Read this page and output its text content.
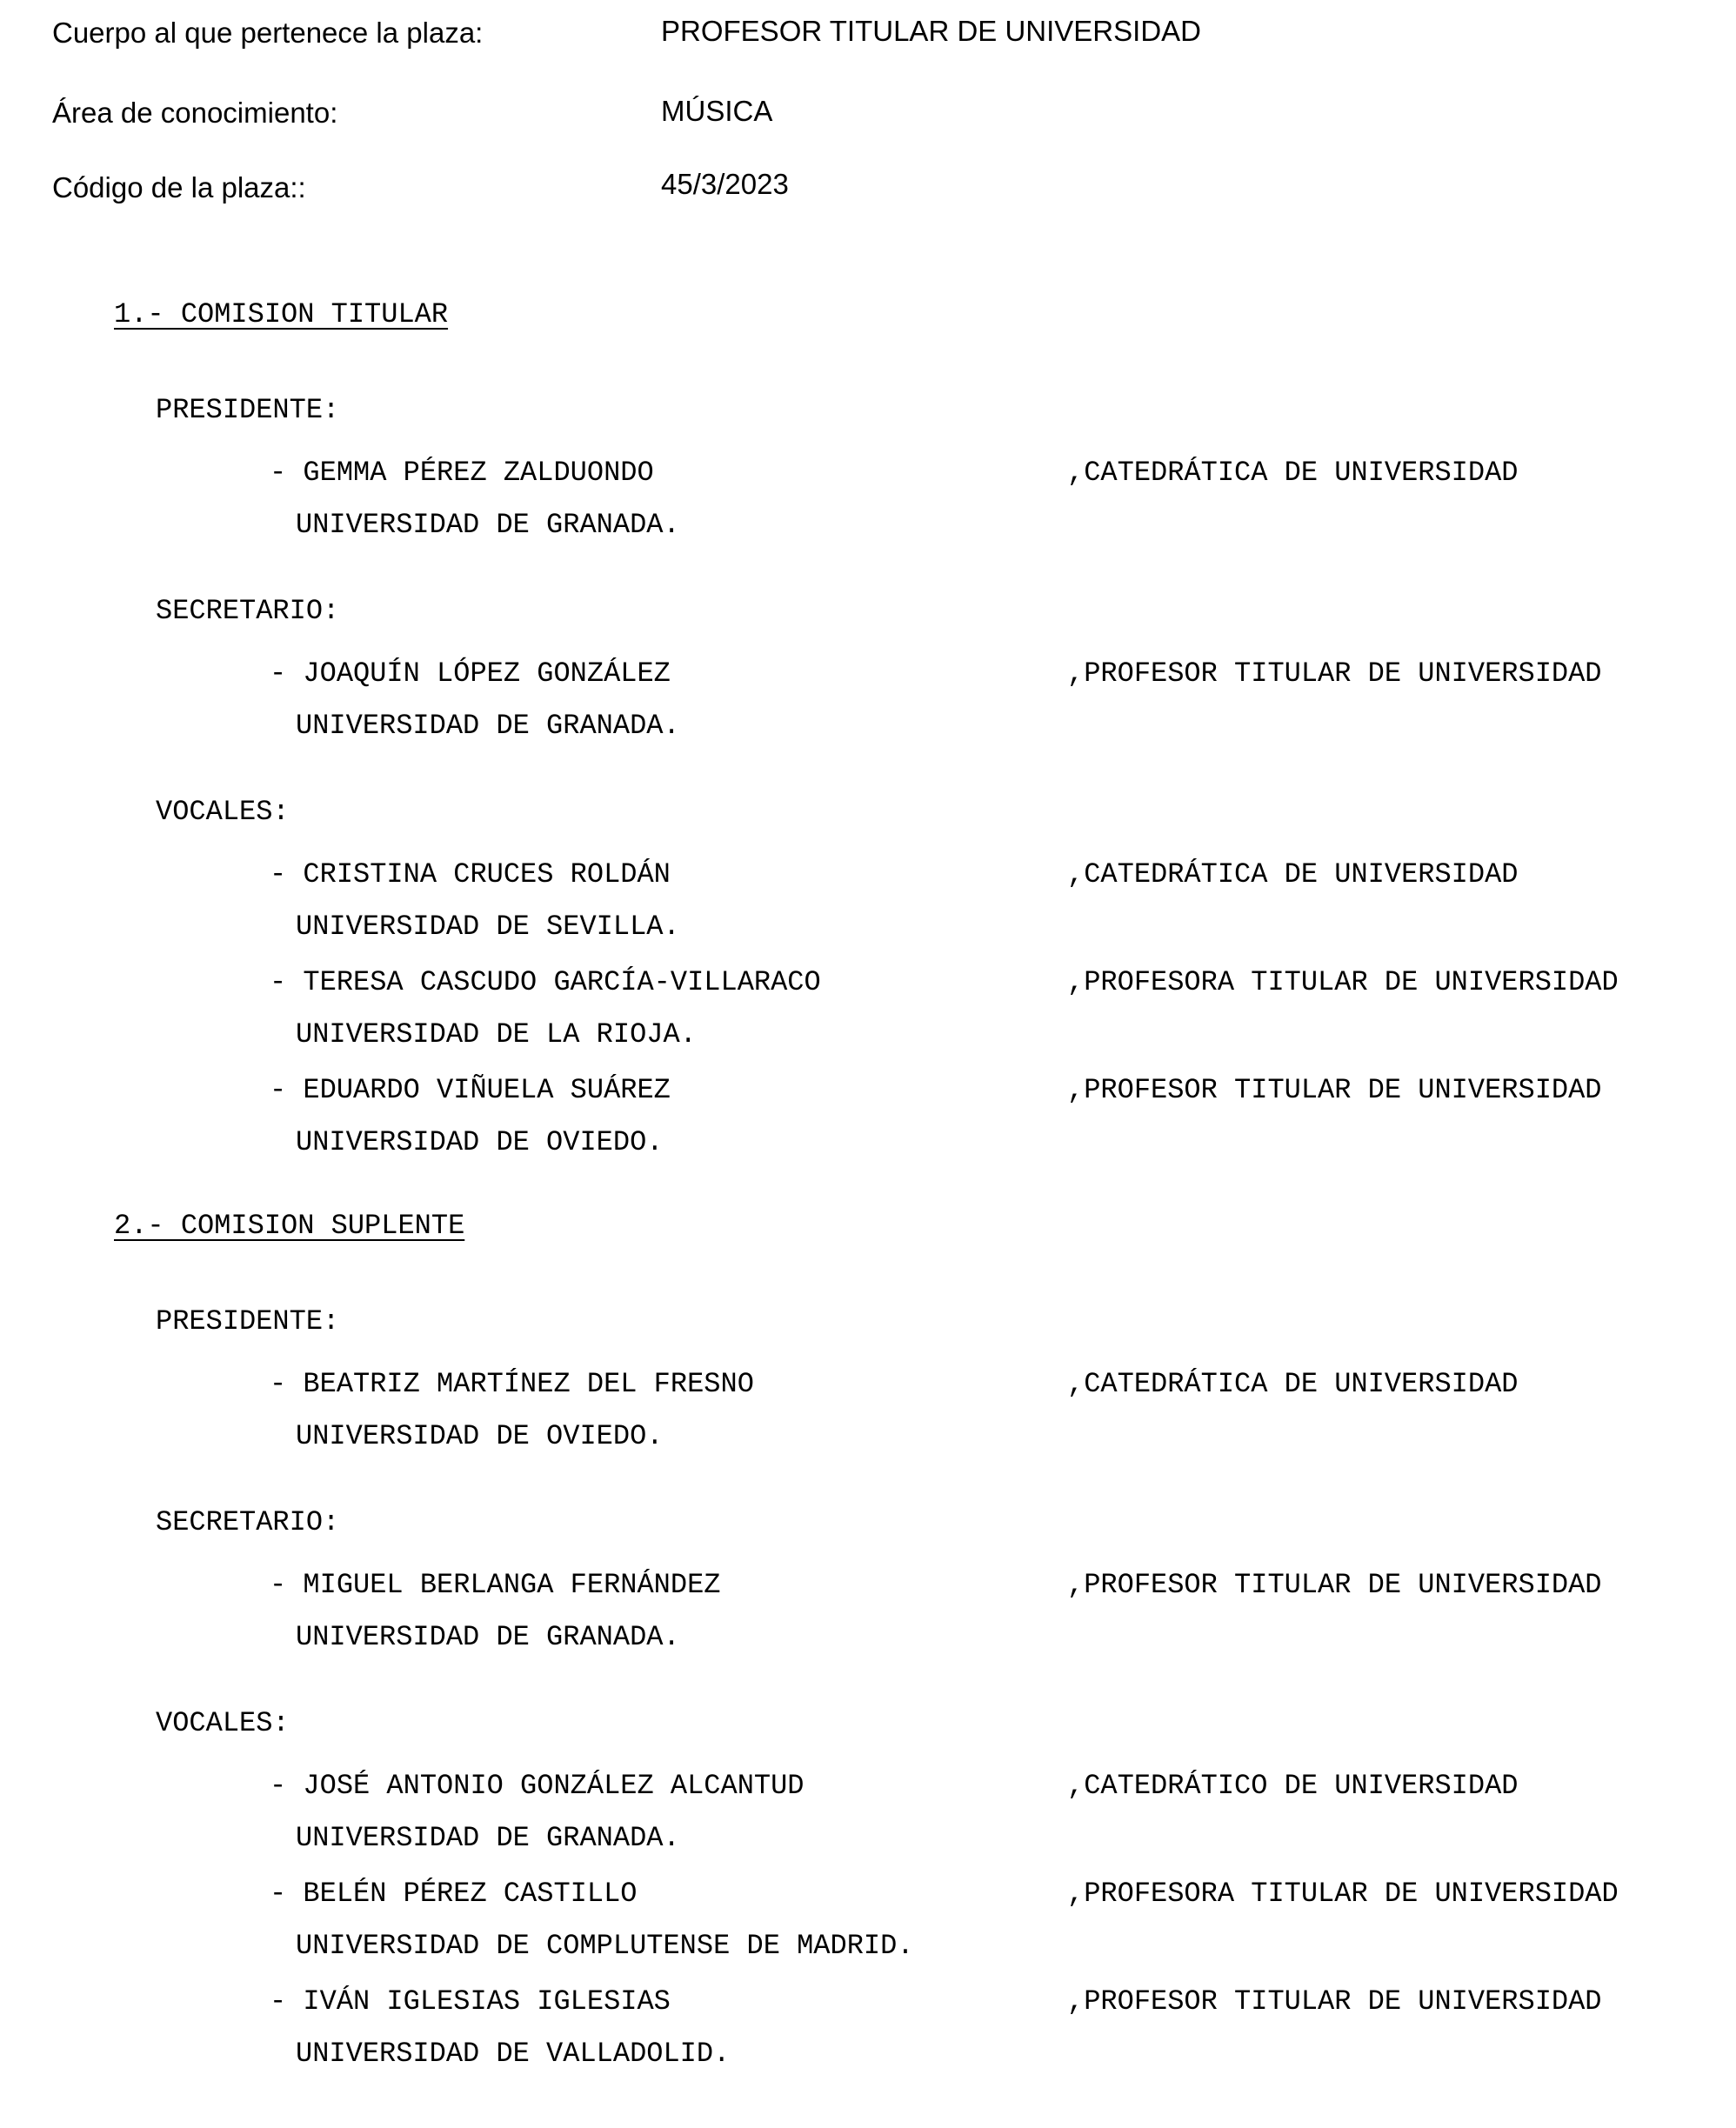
Cuerpo al que pertenece la plaza:	PROFESOR TITULAR DE UNIVERSIDAD
Área de conocimiento:	MÚSICA
Código de la plaza::	45/3/2023
1.- COMISION TITULAR
PRESIDENTE:
- GEMMA PÉREZ ZALDUONDO	,CATEDRÁTICA DE UNIVERSIDAD
UNIVERSIDAD DE GRANADA.
SECRETARIO:
- JOAQUÍN LÓPEZ GONZÁLEZ	,PROFESOR TITULAR DE UNIVERSIDAD
UNIVERSIDAD DE GRANADA.
VOCALES:
- CRISTINA CRUCES ROLDÁN	,CATEDRÁTICA DE UNIVERSIDAD
UNIVERSIDAD DE SEVILLA.
- TERESA CASCUDO GARCÍA-VILLARACO	,PROFESORA TITULAR DE UNIVERSIDAD
UNIVERSIDAD DE LA RIOJA.
- EDUARDO VIÑUELA SUÁREZ	,PROFESOR TITULAR DE UNIVERSIDAD
UNIVERSIDAD DE OVIEDO.
2.- COMISION SUPLENTE
PRESIDENTE:
- BEATRIZ MARTÍNEZ DEL FRESNO	,CATEDRÁTICA DE UNIVERSIDAD
UNIVERSIDAD DE OVIEDO.
SECRETARIO:
- MIGUEL BERLANGA FERNÁNDEZ	,PROFESOR TITULAR DE UNIVERSIDAD
UNIVERSIDAD DE GRANADA.
VOCALES:
- JOSÉ ANTONIO GONZÁLEZ ALCANTUD	,CATEDRÁTICO DE UNIVERSIDAD
UNIVERSIDAD DE GRANADA.
- BELÉN PÉREZ CASTILLO	,PROFESORA TITULAR DE UNIVERSIDAD
UNIVERSIDAD DE COMPLUTENSE DE MADRID.
- IVÁN IGLESIAS IGLESIAS	,PROFESOR TITULAR DE UNIVERSIDAD
UNIVERSIDAD DE VALLADOLID.
